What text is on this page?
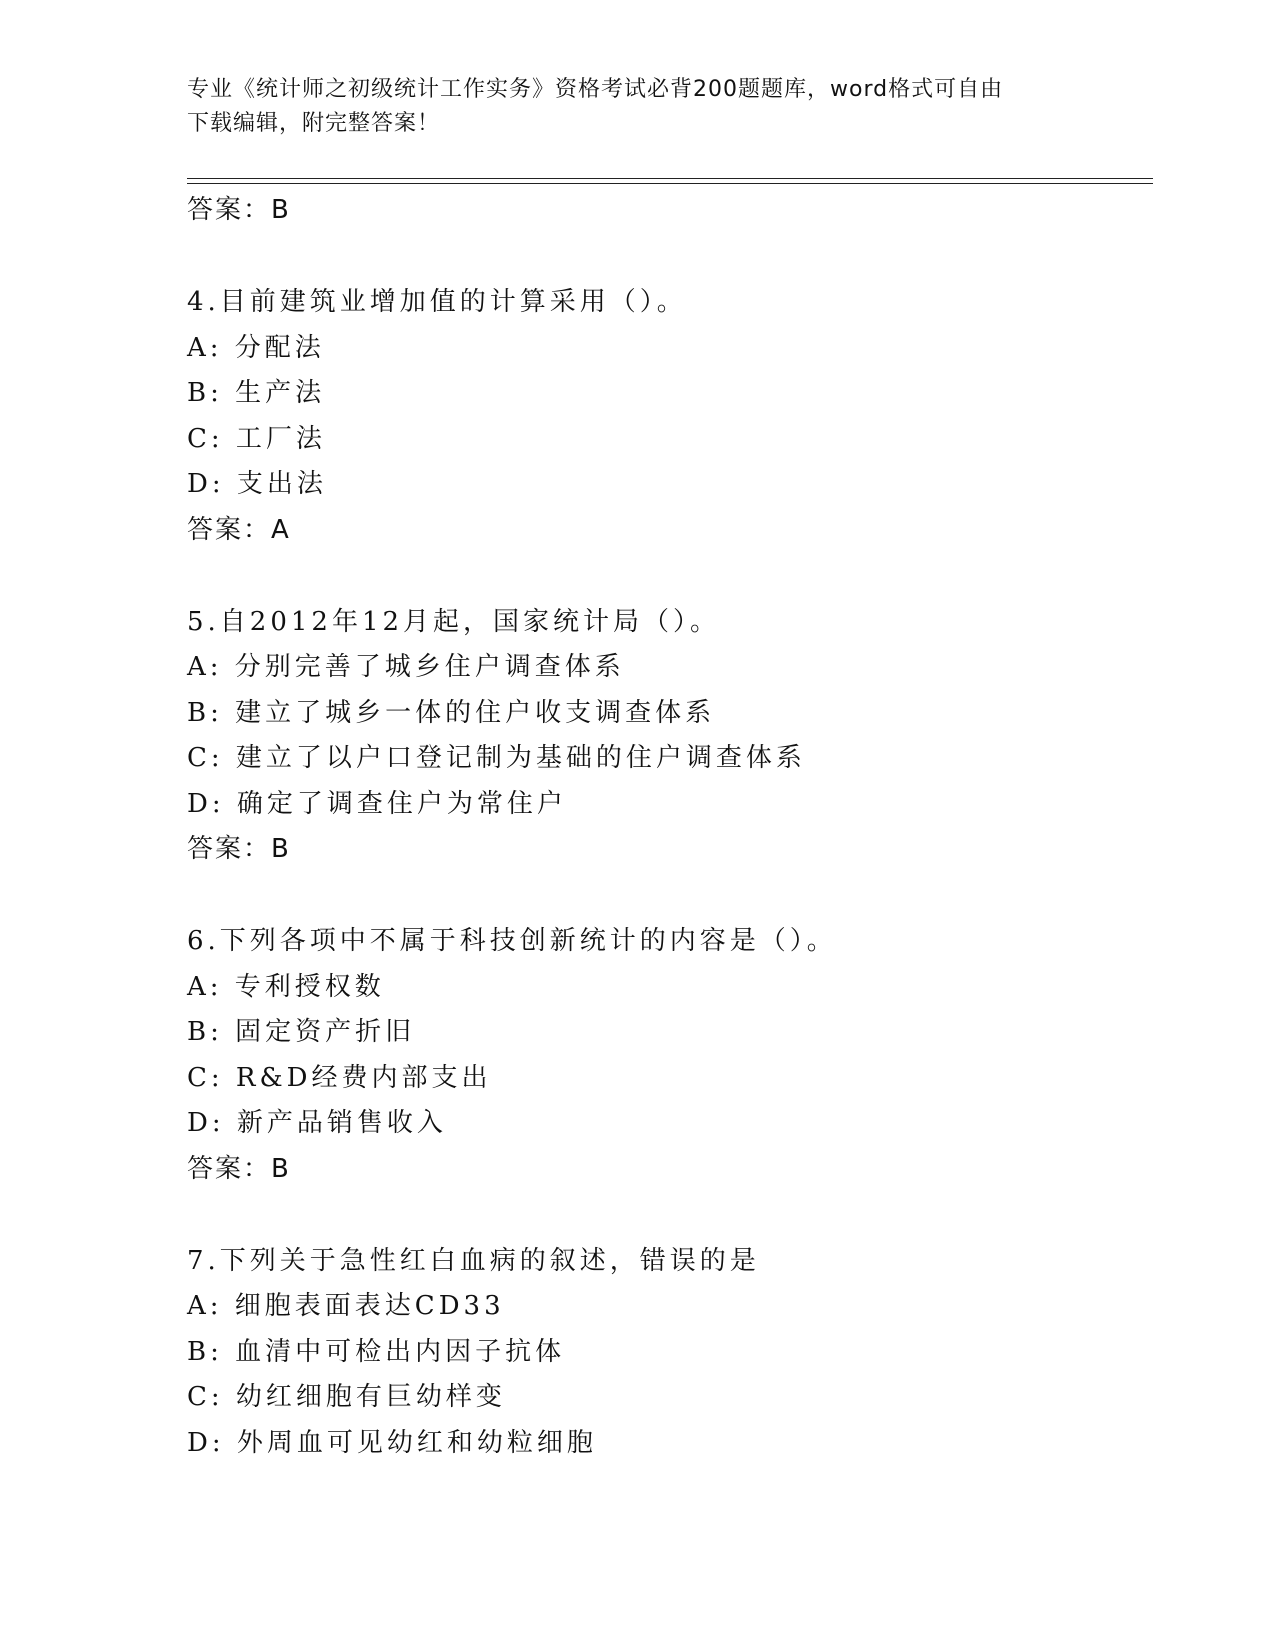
专业《统计师之初级统计工作实务》资格考试必背200题题库，word格式可自由
下载编辑，附完整答案！
答案：B
4.目前建筑业增加值的计算采用（）。
A: 分配法
B: 生产法
C: 工厂法
D: 支出法
答案：A
5.自2012年12月起，国家统计局（）。
A: 分别完善了城乡住户调查体系
B: 建立了城乡一体的住户收支调查体系
C: 建立了以户口登记制为基础的住户调查体系
D: 确定了调查住户为常住户
答案：B
6.下列各项中不属于科技创新统计的内容是（）。
A: 专利授权数
B: 固定资产折旧
C: R&D经费内部支出
D: 新产品销售收入
答案：B
7.下列关于急性红白血病的叙述，错误的是
A: 细胞表面表达CD33
B: 血清中可检出内因子抗体
C: 幼红细胞有巨幼样变
D: 外周血可见幼红和幼粒细胞
